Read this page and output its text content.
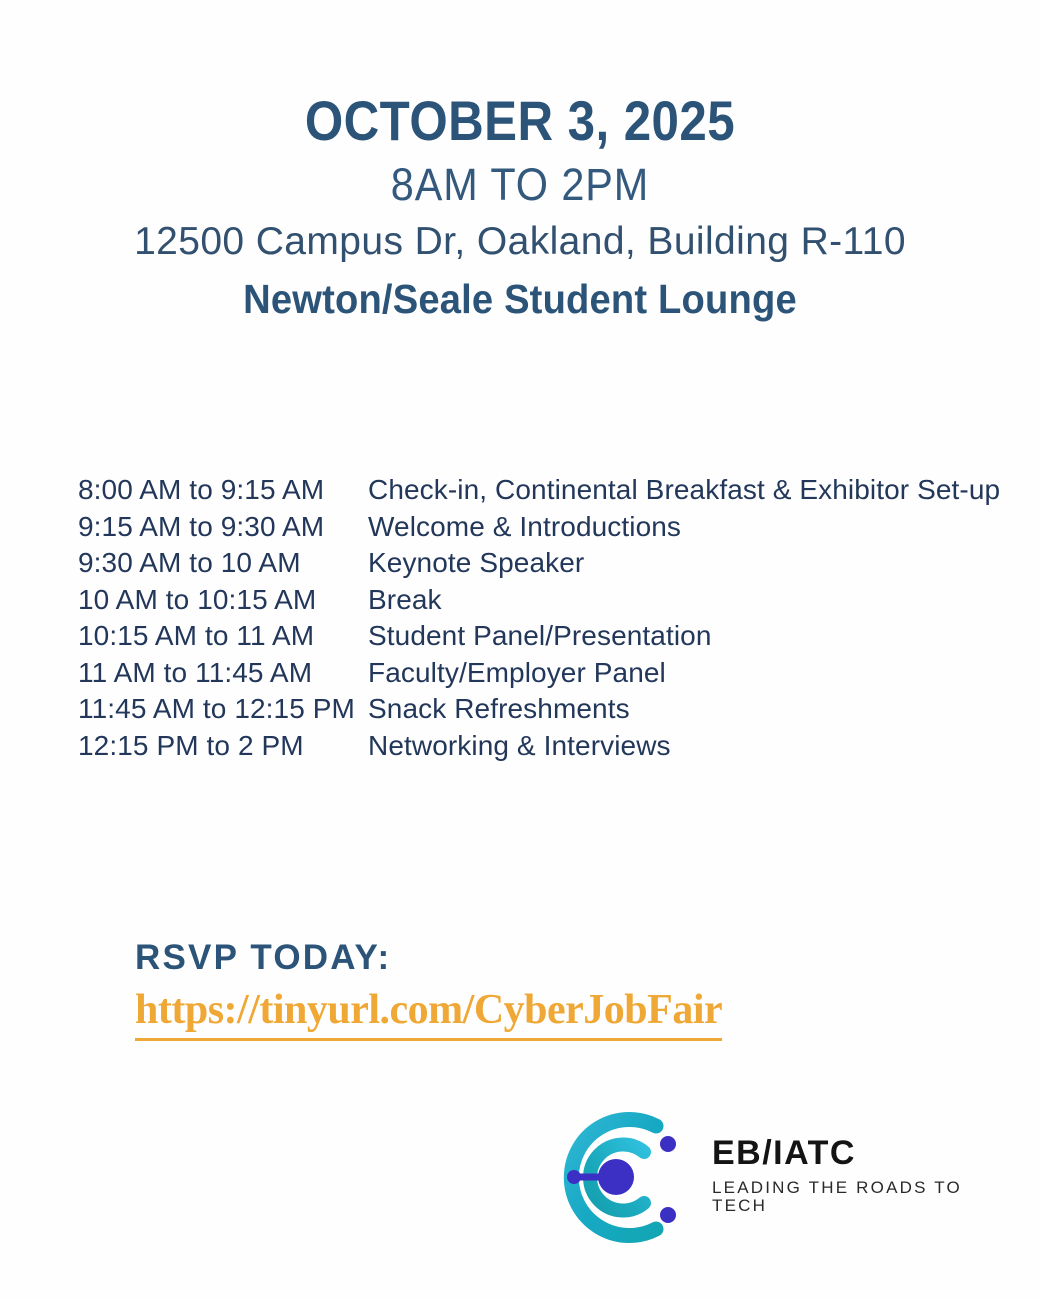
OCTOBER 3, 2025
8AM TO 2PM
12500 Campus Dr, Oakland, Building R-110
Newton/Seale Student Lounge
8:00 AM to 9:15 AM	Check-in, Continental Breakfast & Exhibitor Set-up
9:15 AM to 9:30 AM	Welcome & Introductions
9:30 AM to 10 AM	Keynote Speaker
10 AM to 10:15 AM	Break
10:15 AM to 11 AM	Student Panel/Presentation
11 AM to 11:45 AM	Faculty/Employer Panel
11:45 AM to 12:15 PM Snack Refreshments
12:15 PM to 2 PM	Networking & Interviews
RSVP TODAY:
https://tinyurl.com/CyberJobFair
EB/IATC
LEADING THE ROADS TO TECH
